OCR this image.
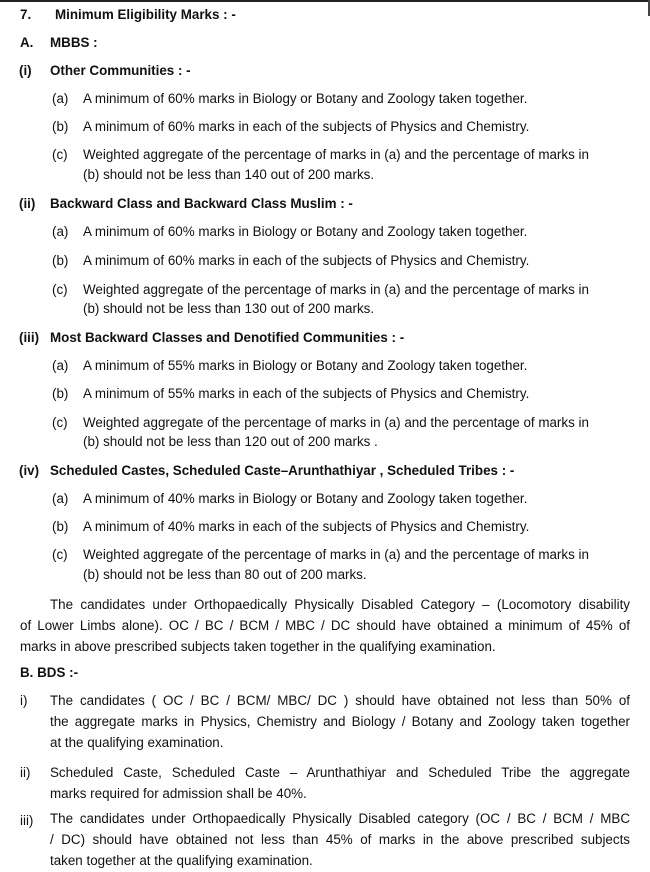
7. Minimum Eligibility Marks : -
A. MBBS :
(i) Other Communities : -
(a) A minimum of 60% marks in Biology or Botany and Zoology taken together.
(b) A minimum of 60% marks in each of the subjects of Physics and Chemistry.
(c) Weighted aggregate of the percentage of marks in (a) and the percentage of marks in
(b) should not be less than 140 out of 200 marks.
(ii) Backward Class and Backward Class Muslim : -
(a) A minimum of 60% marks in Biology or Botany and Zoology taken together.
(b) A minimum of 60% marks in each of the subjects of Physics and Chemistry.
(c) Weighted aggregate of the percentage of marks in (a) and the percentage of marks in
(b) should not be less than 130 out of 200 marks.
(iii) Most Backward Classes and Denotified Communities : -
(a) A minimum of 55% marks in Biology or Botany and Zoology taken together.
(b) A minimum of 55% marks in each of the subjects of Physics and Chemistry.
(c) Weighted aggregate of the percentage of marks in (a) and the percentage of marks in
(b) should not be less than 120 out of 200 marks .
(iv) Scheduled Castes, Scheduled Caste–Arunthathiyar , Scheduled Tribes : -
(a) A minimum of 40% marks in Biology or Botany and Zoology taken together.
(b) A minimum of 40% marks in each of the subjects of Physics and Chemistry.
(c) Weighted aggregate of the percentage of marks in (a) and the percentage of marks in
(b) should not be less than 80 out of 200 marks.
The candidates under Orthopaedically Physically Disabled Category – (Locomotory disability
of Lower Limbs alone). OC / BC / BCM / MBC / DC should have obtained a minimum of 45% of
marks in above prescribed subjects taken together in the qualifying examination.
B. BDS :-
i) The candidates ( OC / BC / BCM/ MBC/ DC ) should have obtained not less than 50% of
the aggregate marks in Physics, Chemistry and Biology / Botany and Zoology taken together
at the qualifying examination.
ii) Scheduled Caste, Scheduled Caste – Arunthathiyar and Scheduled Tribe the aggregate
marks required for admission shall be 40%.
iii) The candidates under Orthopaedically Physically Disabled category (OC / BC / BCM / MBC
/ DC) should have obtained not less than 45% of marks in the above prescribed subjects
taken together at the qualifying examination.
